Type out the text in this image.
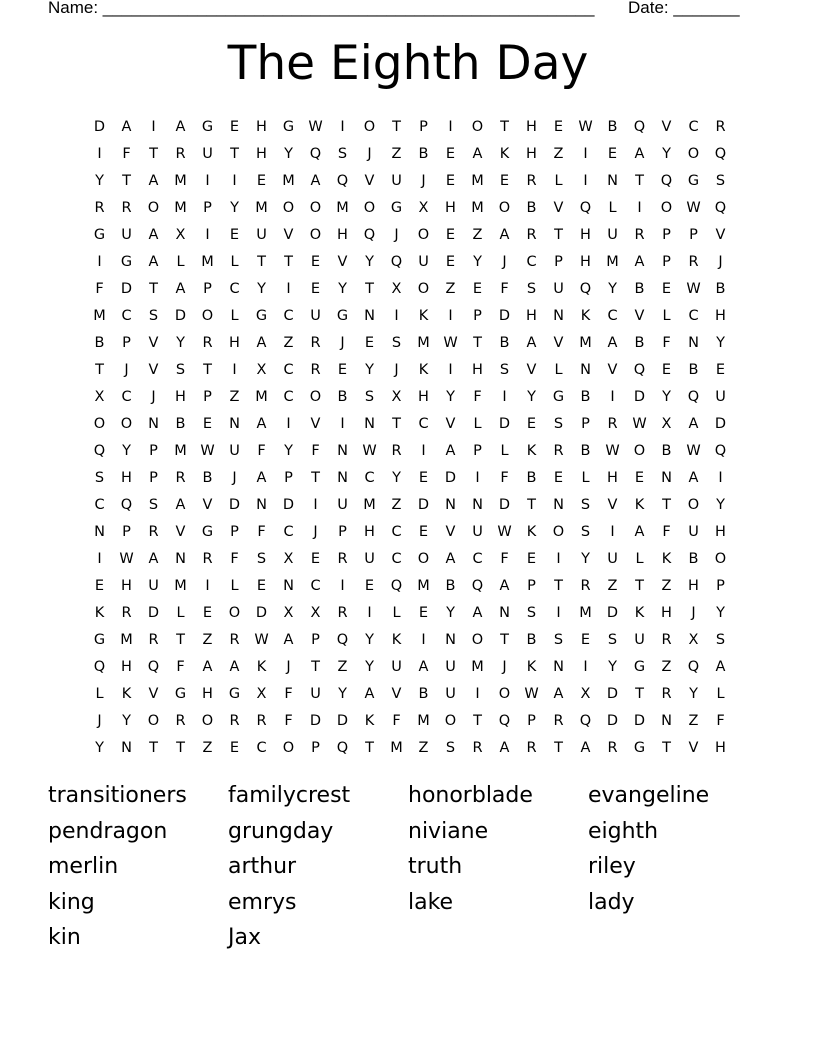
Name: ____________________________________________________ Date: _______
The Eighth Day
D	A	I	A	G	E	H	G W	I	O	T	P	I	O	T	H	E	W	B	Q	V	C	R
I	F	T	R	U	T	H	Y	Q	S	J	Z	B	E	A	K	H	Z	I	E	A	Y	O	Q
Y	T	A	M	I	I	E	M	A	Q	V	U	J	E	M	E	R	L	I	N	T	Q	G	S
R	R	O	M	P	Y	M	O	O	M	O	G	X	H	M	O	B	V	Q	L	I	O W Q
G	U	A	X	I	E	U	V	O	H	Q	J	O	E	Z	A	R	T	H	U	R	P	P	V
I	G	A	L	M	L	T	T	E	V	Y	Q	U	E	Y	J	C	P	H	M	A	P	R	J
F	D	T	A	P	C	Y	I	E	Y	T	X	O	Z	E	F	S	U	Q	Y	B	E	W	B
M	C	S	D	O	L	G	C	U	G	N	I	K	I	P	D	H	N	K	C	V	L	C	H
B	P	V	Y	R	H	A	Z	R	J	E	S	M W	T	B	A	V	M	A	B	F	N	Y
T	J	V	S	T	I	X	C	R	E	Y	J	K	I	H	S	V	L	N	V	Q	E	B	E
X	C	J	H	P	Z	M	C	O	B	S	X	H	Y	F	I	Y	G	B	I	D	Y	Q	U
O	O	N	B	E	N	A	I	V	I	N	T	C	V	L	D	E	S	P	R	W	X	A	D
Q	Y	P	M W	U	F	Y	F	N W	R	I	A	P	L	K	R	B	W O	B	W Q
S	H	P	R	B	J	A	P	T	N	C	Y	E	D	I	F	B	E	L	H	E	N	A	I
C	Q	S	A	V	D	N	D	I	U	M	Z	D	N	N	D	T	N	S	V	K	T	O	Y
N	P	R	V	G	P	F	C	J	P	H	C	E	V	U	W	K	O	S	I	A	F	U	H
I	W	A	N	R	F	S	X	E	R	U	C	O	A	C	F	E	I	Y	U	L	K	B	O
E	H	U	M	I	L	E	N	C	I	E	Q	M	B	Q	A	P	T	R	Z	T	Z	H	P
K	R	D	L	E	O	D	X	X	R	I	L	E	Y	A	N	S	I	M	D	K	H	J	Y
G	M	R	T	Z	R	W	A	P	Q	Y	K	I	N	O	T	B	S	E	S	U	R	X	S
Q	H	Q	F	A	A	K	J	T	Z	Y	U	A	U	M	J	K	N	I	Y	G	Z	Q	A
L	K	V	G	H	G	X	F	U	Y	A	V	B	U	I	O W	A	X	D	T	R	Y	L
J	Y	O	R	O	R	R	F	D	D	K	F	M	O	T	Q	P	R	Q	D	D	N	Z	F
Y	N	T	T	Z	E	C	O	P	Q	T	M	Z	S	R	A	R	T	A	R	G	T	V	H
transitioners	familycrest	honorblade	evangeline
pendragon	grungday	niviane	eighth
merlin	arthur	truth	riley
king	emrys	lake	lady
kin	Jax
